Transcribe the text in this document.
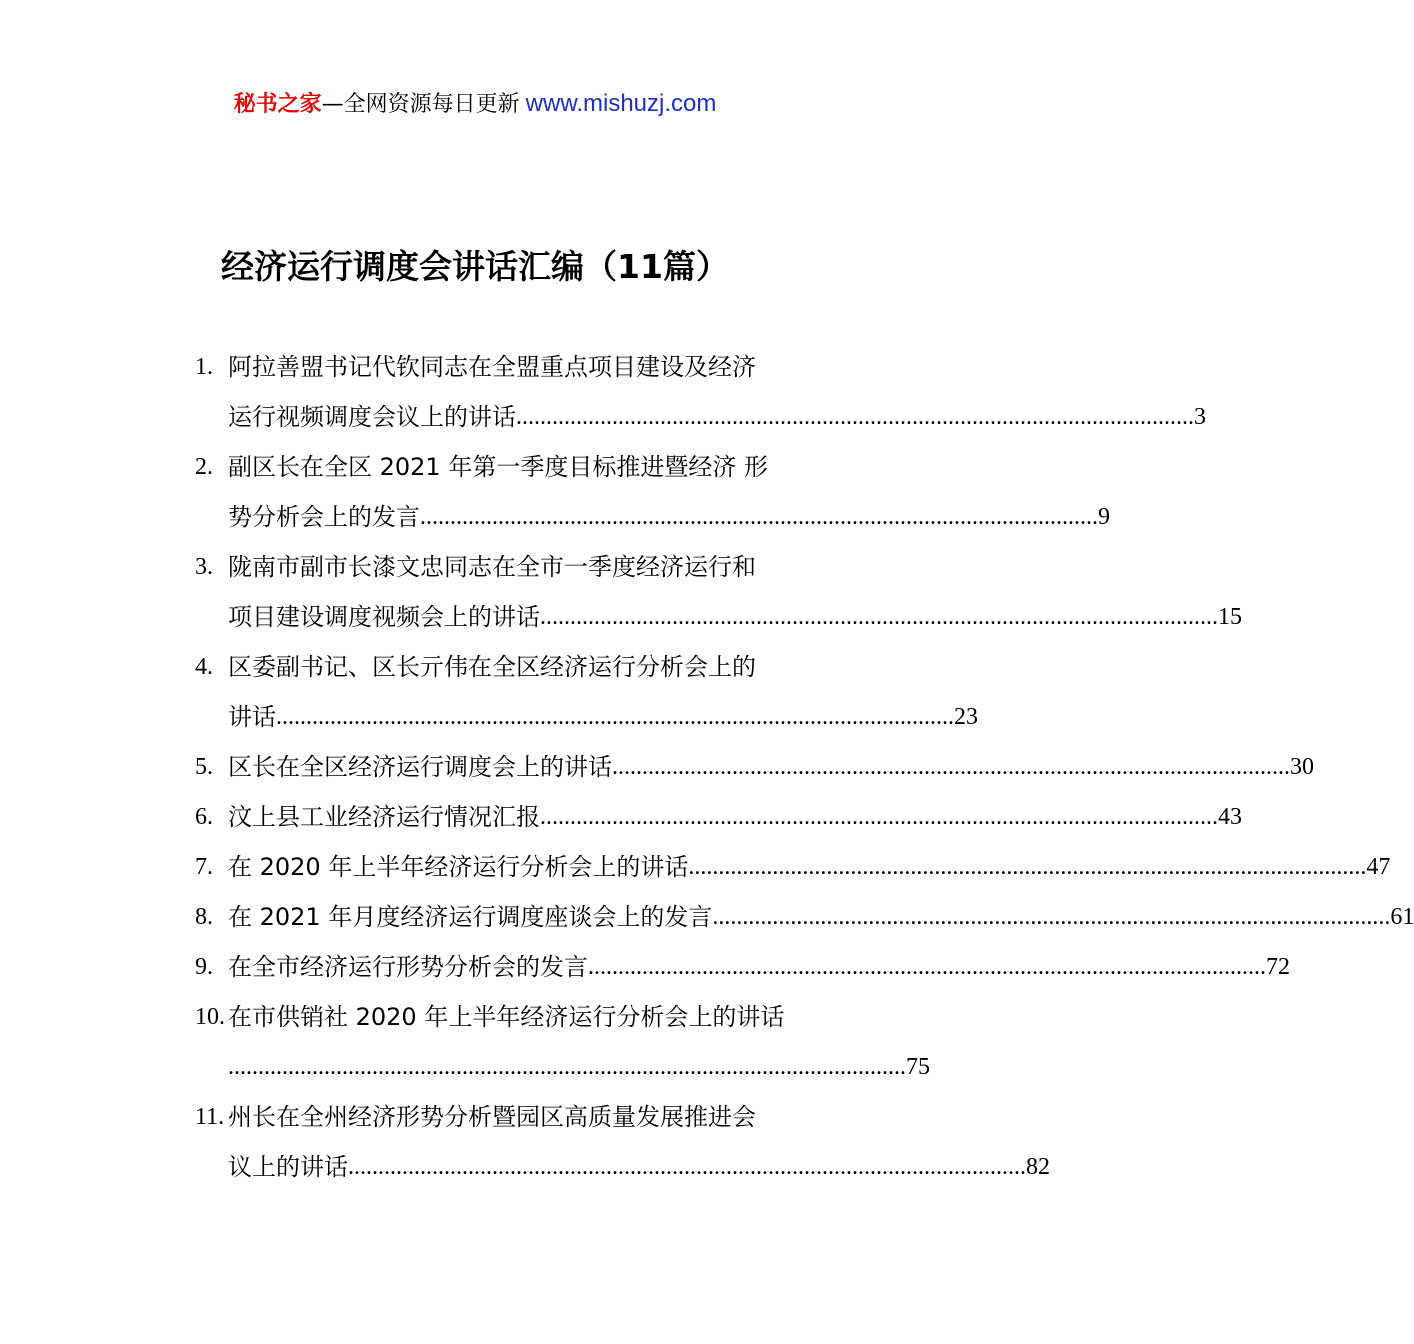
秘书之家—全网资源每日更新 www.mishuzj.com
经济运行调度会讲话汇编（11篇）
1. 阿拉善盟书记代钦同志在全盟重点项目建设及经济
运行视频调度会议上的讲话 ................................................................................................................. 3
2. 副区长在全区 2021 年第一季度目标推进暨经济 形
势分析会上的发言 ................................................................................................................. 9
3. 陇南市副市长漆文忠同志在全市一季度经济运行和
项目建设调度视频会上的讲话 ................................................................................................................. 15
4. 区委副书记、区长亓伟在全区经济运行分析会上的
讲话 ................................................................................................................. 23
5. 区长在全区经济运行调度会上的讲话 ................................................................................................................. 30
6. 汶上县工业经济运行情况汇报 ................................................................................................................. 43
7. 在 2020 年上半年经济运行分析会上的讲话 ................................................................................................................. 47
8. 在 2021 年月度经济运行调度座谈会上的发言 ................................................................................................................. 61
9. 在全市经济运行形势分析会的发言 ................................................................................................................. 72
10. 在市供销社 2020 年上半年经济运行分析会上的讲话
................................................................................................................. 75
11. 州长在全州经济形势分析暨园区高质量发展推进会
议上的讲话 ................................................................................................................. 82
